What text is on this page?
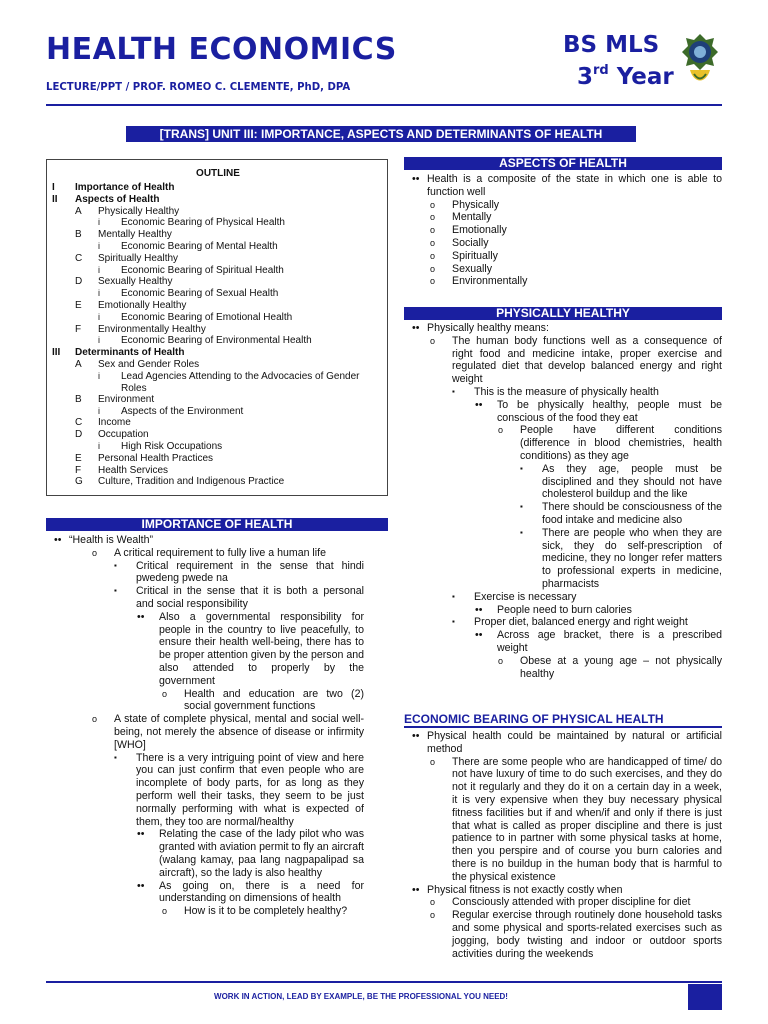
HEALTH ECONOMICS
LECTURE/PPT / PROF. ROMEO C. CLEMENTE, PhD, DPA
BS MLS
3rd Year
[TRANS] UNIT III: IMPORTANCE, ASPECTS AND DETERMINANTS OF HEALTH
OUTLINE
I Importance of Health
II Aspects of Health
A Physically Healthy
i Economic Bearing of Physical Health
B Mentally Healthy
i Economic Bearing of Mental Health
C Spiritually Healthy
i Economic Bearing of Spiritual Health
D Sexually Healthy
i Economic Bearing of Sexual Health
E Emotionally Healthy
i Economic Bearing of Emotional Health
F Environmentally Healthy
i Economic Bearing of Environmental Health
III Determinants of Health
A Sex and Gender Roles
i Lead Agencies Attending to the Advocacies of Gender Roles
B Environment
i Aspects of the Environment
C Income
D Occupation
i High Risk Occupations
E Personal Health Practices
F Health Services
G Culture, Tradition and Indigenous Practice
IMPORTANCE OF HEALTH
• • “Health is Wealth”
o A critical requirement to fully live a human life
▪ Critical requirement in the sense that hindi pwedeng pwede na
▪ Critical in the sense that it is both a personal and social responsibility
• • Also a governmental responsibility for people in the country to live peacefully, to ensure their health well-being, there has to be proper attention given by the person and also attended to properly by the government
o Health and education are two (2) social government functions
o A state of complete physical, mental and social well-being, not merely the absence of disease or infirmity [WHO]
▪ There is a very intriguing point of view and here you can just confirm that even people who are incomplete of body parts, for as long as they perform well their tasks, they seem to be just normally performing with what is expected of them, they too are normal/healthy
• • Relating the case of the lady pilot who was granted with aviation permit to fly an aircraft (walang kamay, paa lang nagpapalipad sa aircraft), so the lady is also healthy
• • As going on, there is a need for understanding on dimensions of health
o How is it to be completely healthy?
ASPECTS OF HEALTH
• • Health is a composite of the state in which one is able to function well
o Physically
o Mentally
o Emotionally
o Socially
o Spiritually
o Sexually
o Environmentally
PHYSICALLY HEALTHY
• • Physically healthy means:
o The human body functions well as a consequence of right food and medicine intake, proper exercise and regulated diet that develop balanced energy and right weight
▪ This is the measure of physically health
• • To be physically healthy, people must be conscious of the food they eat
o People have different conditions (difference in blood chemistries, health conditions) as they age
▪ As they age, people must be disciplined and they should not have cholesterol buildup and the like
▪ There should be consciousness of the food intake and medicine also
▪ There are people who when they are sick, they do self-prescription of medicine, they no longer refer matters to professional experts in medicine, pharmacists
▪ Exercise is necessary
• • People need to burn calories
▪ Proper diet, balanced energy and right weight
• • Across age bracket, there is a prescribed weight
o Obese at a young age – not physically healthy
ECONOMIC BEARING OF PHYSICAL HEALTH
• • Physical health could be maintained by natural or artificial method
o There are some people who are handicapped of time/ do not have luxury of time to do such exercises, and they do not it regularly and they do it on a certain day in a week, it is very expensive when they buy necessary physical fitness facilities but if and when/if and only if there is just that what is called as proper discipline and there is just patience to in partner with some physical tasks at home, then you perspire and of course you burn calories and there is no buildup in the human body that is harmful to the physical existence
• • Physical fitness is not exactly costly when
o Consciously attended with proper discipline for diet
o Regular exercise through routinely done household tasks and some physical and sports-related exercises such as jogging, body twisting and indoor or outdoor sports activities during the weekends
WORK IN ACTION, LEAD BY EXAMPLE, BE THE PROFESSIONAL YOU NEED!
